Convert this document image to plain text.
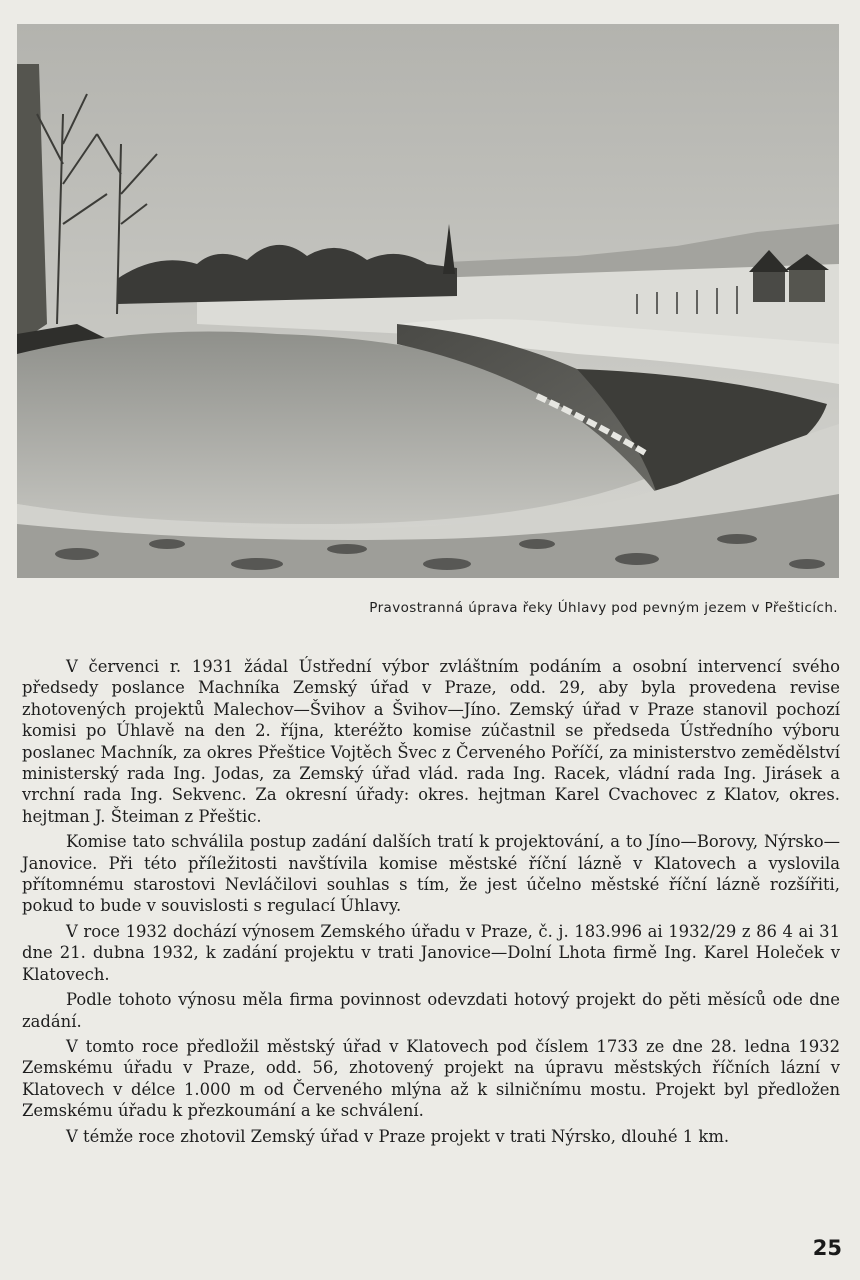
Pravostranná úprava řeky Úhlavy pod pevným jezem v Přešticích.

V červenci r. 1931 žádal Ústřední výbor zvláštním podáním a osobní intervencí svého předsedy poslance Machníka Zemský úřad v Praze, odd. 29, aby byla provedena revise zhotovených projektů Malechov—Švihov a Švihov—Jíno. Zemský úřad v Praze stanovil pochozí komisi po Úhlavě na den 2. října, kteréžto komise zúčastnil se předseda Ústředního výboru poslanec Machník, za okres Přeštice Vojtěch Švec z Červeného Poříčí, za ministerstvo zemědělství ministerský rada Ing. Jodas, za Zemský úřad vlád. rada Ing. Racek, vládní rada Ing. Jirásek a vrchní rada Ing. Sekvenc. Za okresní úřady: okres. hejtman Karel Cvachovec z Klatov, okres. hejtman J. Šteiman z Přeštic.

Komise tato schválila postup zadání dalších tratí k projektování, a to Jíno—Borovy, Nýrsko—Janovice. Při této příležitosti navštívila komise městské říční lázně v Klatovech a vyslovila přítomnému starostovi Nevláčilovi souhlas s tím, že jest účelno městské říční lázně rozšířiti, pokud to bude v souvislosti s regulací Úhlavy.

V roce 1932 dochází výnosem Zemského úřadu v Praze, č. j. 183.996 ai 1932/29 z 86 4 ai 31 dne 21. dubna 1932, k zadání projektu v trati Janovice—Dolní Lhota firmě Ing. Karel Holeček v Klatovech.

Podle tohoto výnosu měla firma povinnost odevzdati hotový projekt do pěti měsíců ode dne zadání.

V tomto roce předložil městský úřad v Klatovech pod číslem 1733 ze dne 28. ledna 1932 Zemskému úřadu v Praze, odd. 56, zhotovený projekt na úpravu městských říčních lázní v Klatovech v délce 1.000 m od Červeného mlýna až k silničnímu mostu. Projekt byl předložen Zemskému úřadu k přezkoumání a ke schválení.

V témže roce zhotovil Zemský úřad v Praze projekt v trati Nýrsko, dlouhé 1 km.

25
